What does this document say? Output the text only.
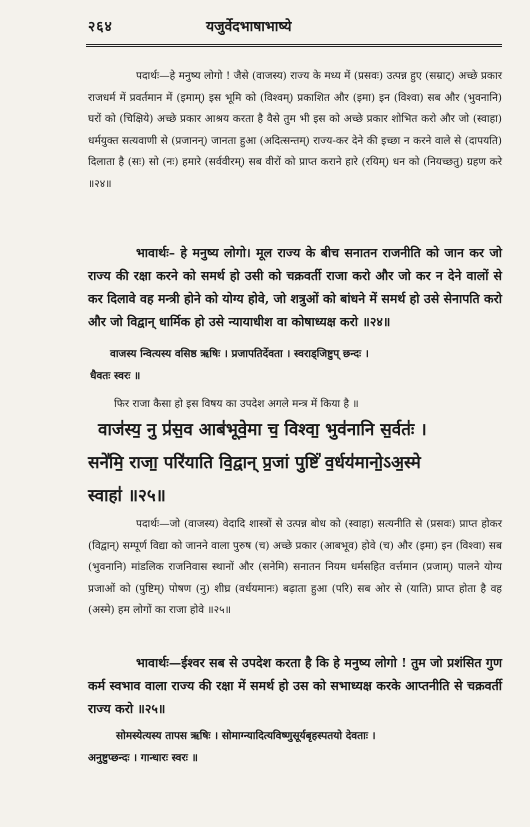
२६४	यजुर्वेदभाषाभाष्ये

पदार्थः—हे मनुष्य लोगो ! जैसे (वाजस्य) राज्य के मध्य में (प्रसवः) उत्पन्न हुए (सम्राट्) अच्छे प्रकार राजधर्म में प्रवर्तमान में (इमाम्) इस भूमि को (विश्वम्) प्रकाशित और (इमा) इन (विश्वा) सब और (भुवनानि) घरों को (चिक्षिये) अच्छे प्रकार आश्रय करता है वैसे तुम भी इस को अच्छे प्रकार शोभित करो और जो (स्वाहा) धर्मयुक्त सत्यवाणी से (प्रजानन्) जानता हुआ (अदित्सन्तम्) राज्य-कर देने की इच्छा न करने वाले से (दापयति) दिलाता है (सः) सो (नः) हमारे (सर्ववीरम्) सब वीरों को प्राप्त कराने हारे (रयिम्) धन को (नियच्छतु) ग्रहण करे ॥२४॥

भावार्थः– हे मनुष्य लोगो। मूल राज्य के बीच सनातन राजनीति को जान कर जो राज्य की रक्षा करने को समर्थ हो उसी को चक्रवर्ती राजा करो और जो कर न देने वालों से कर दिलावे वह मन्त्री होने को योग्य होवे, जो शत्रुओं को बांधने में समर्थ हो उसे सेनापति करो और जो विद्वान् धार्मिक हो उसे न्यायाधीश वा कोषाध्यक्ष करो ॥२४॥

वाजस्य न्वित्यस्य वसिष्ठ ऋषिः । प्रजापतिर्देवता । स्वराड्जिष्टुप् छन्दः ।
धैवतः स्वरः ॥
फिर राजा कैसा हो इस विषय का उपदेश अगले मन्त्र में किया है ॥
वाज॑स्य॒ नु प्र॑स॒व आब॑भूवे॒मा च॒ विश्वा॒ भुव॑नानि स॒र्वतः॑ ।
सने॑मि॒ राजा॒ परि॑याति वि॒द्वान् प्र॒जां पुष्टिं॑ व॒र्धय॑मानो॒ऽअ॒स्मे
स्वाहा॑ ॥२५॥

पदार्थः—जो (वाजस्य) वेदादि शास्त्रों से उत्पन्न बोध को (स्वाहा) सत्यनीति से (प्रसवः) प्राप्त होकर (विद्वान्) सम्पूर्ण विद्या को जानने वाला पुरुष (च) अच्छे प्रकार (आबभूव) होवे (च) और (इमा) इन (विश्वा) सब (भुवनानि) मांडलिक राजनिवास स्थानों और (सनेमि) सनातन नियम धर्मसहित वर्त्तमान (प्रजाम्) पालने योग्य प्रजाओं को (पुष्टिम्) पोषण (नु) शीघ्र (वर्धयमानः) बढ़ाता हुआ (परि) सब ओर से (याति) प्राप्त होता है वह (अस्मे) हम लोगों का राजा होवे ॥२५॥

भावार्थः—ईश्वर सब से उपदेश करता है कि हे मनुष्य लोगो ! तुम जो प्रशंसित गुण कर्म स्वभाव वाला राज्य की रक्षा में समर्थ हो उस को सभाध्यक्ष करके आप्तनीति से चक्रवर्ती राज्य करो ॥२५॥

सोमस्येत्यस्य तापस ऋषिः । सोमाग्न्यादित्यविष्णुसूर्यबृहस्पतयो देवताः ।
अनुष्टुप्छन्दः । गान्धारः स्वरः ॥
